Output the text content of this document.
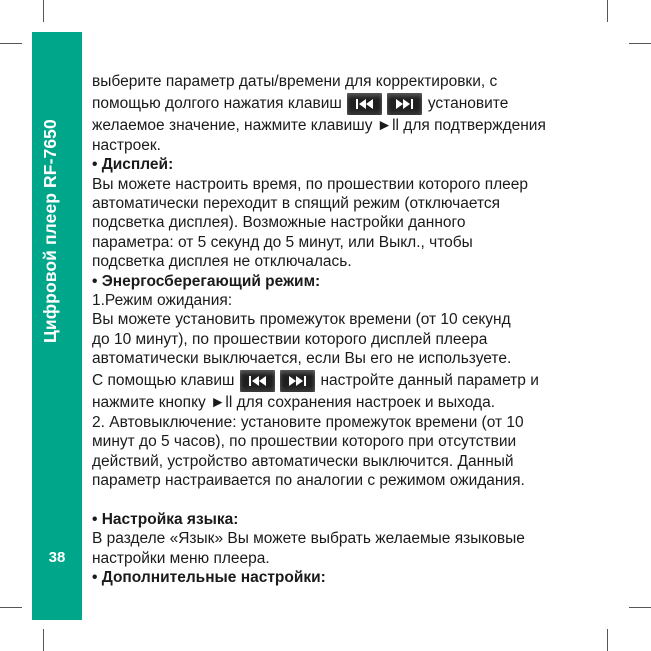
Цифровой плеер RF-7650
38
выберите параметр даты/времени для корректировки, с
помощью долгого нажатия клавиш	установите
желаемое значение, нажмите клавишу ►ll для подтверждения
настроек.
• Дисплей:
Вы можете настроить время, по прошествии которого плеер
автоматически переходит в спящий режим (отключается
подсветка дисплея). Возможные настройки данного
параметра: от 5 секунд до 5 минут, или Выкл., чтобы
подсветка дисплея не отключалась.
• Энергосберегающий режим:
1.Режим ожидания:
Вы можете установить промежуток времени (от 10 секунд
до 10 минут), по прошествии которого дисплей плеера
автоматически выключается, если Вы его не используете.
С помощью клавиш	настройте данный параметр и
нажмите кнопку ►ll для сохранения настроек и выхода.
2. Автовыключение: установите промежуток времени (от 10
минут до 5 часов), по прошествии которого при отсутствии
действий, устройство автоматически выключится. Данный
параметр настраивается по аналогии с режимом ожидания.
• Настройка языка:
В разделе «Язык» Вы можете выбрать желаемые языковые
настройки меню плеера.
• Дополнительные настройки:
